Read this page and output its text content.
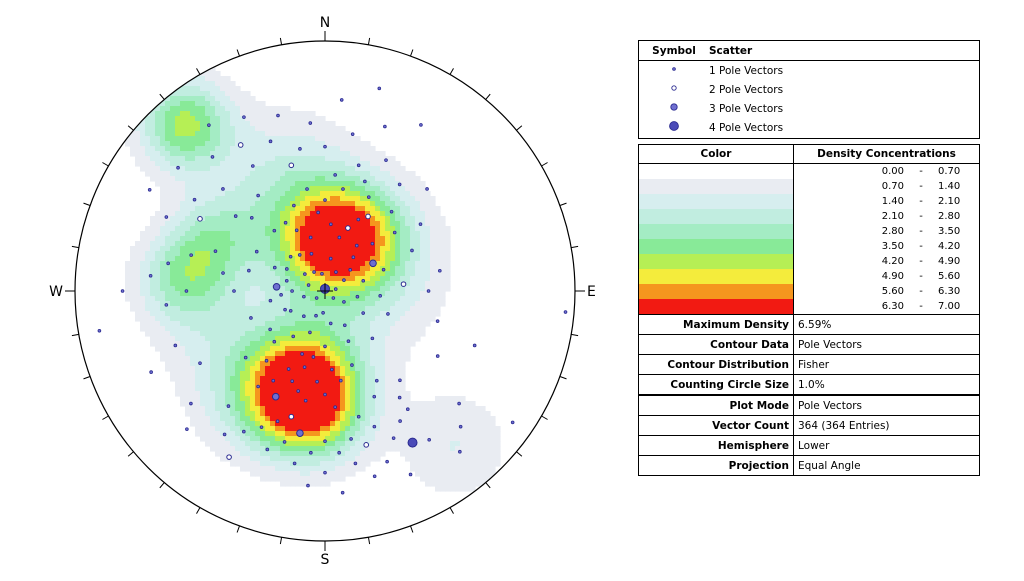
N
S
E
W
Symbol	Scatter
	1 Pole Vectors
	2 Pole Vectors
	3 Pole Vectors
	4 Pole Vectors
Color	Density Concentrations		
	0.00	-	0.70
	0.70	-	1.40
	1.40	-	2.10
	2.10	-	2.80
	2.80	-	3.50
	3.50	-	4.20
	4.20	-	4.90
	4.90	-	5.60
	5.60	-	6.30
	6.30	-	7.00
Maximum Density	6.59%		
Contour Data	Pole Vectors		
Contour Distribution	Fisher		
Counting Circle Size	1.0%		
Plot Mode	Pole Vectors
Vector Count	364 (364 Entries)
Hemisphere	Lower
Projection	Equal Angle
